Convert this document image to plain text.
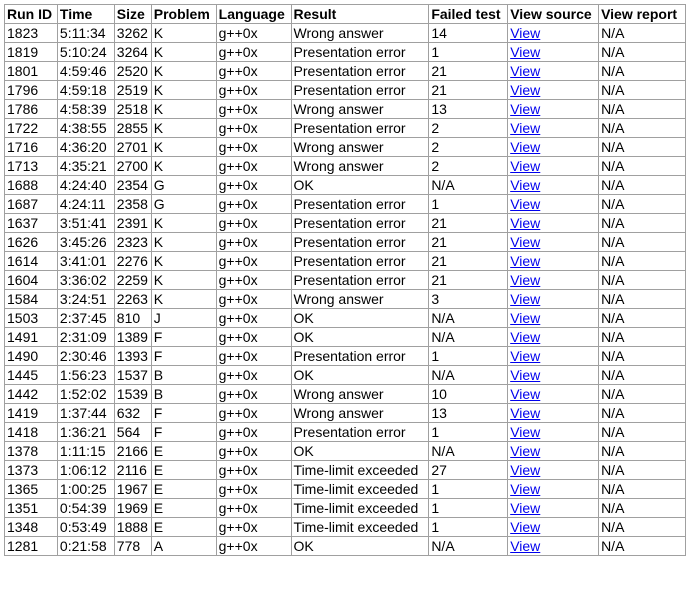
Run ID	Time	Size	Problem	Language	Result	Failed test	View source	View report
1823	5:11:34	3262	K	g++0x	Wrong answer	14	View	N/A
1819	5:10:24	3264	K	g++0x	Presentation error	1	View	N/A
1801	4:59:46	2520	K	g++0x	Presentation error	21	View	N/A
1796	4:59:18	2519	K	g++0x	Presentation error	21	View	N/A
1786	4:58:39	2518	K	g++0x	Wrong answer	13	View	N/A
1722	4:38:55	2855	K	g++0x	Presentation error	2	View	N/A
1716	4:36:20	2701	K	g++0x	Wrong answer	2	View	N/A
1713	4:35:21	2700	K	g++0x	Wrong answer	2	View	N/A
1688	4:24:40	2354	G	g++0x	OK	N/A	View	N/A
1687	4:24:11	2358	G	g++0x	Presentation error	1	View	N/A
1637	3:51:41	2391	K	g++0x	Presentation error	21	View	N/A
1626	3:45:26	2323	K	g++0x	Presentation error	21	View	N/A
1614	3:41:01	2276	K	g++0x	Presentation error	21	View	N/A
1604	3:36:02	2259	K	g++0x	Presentation error	21	View	N/A
1584	3:24:51	2263	K	g++0x	Wrong answer	3	View	N/A
1503	2:37:45	810	J	g++0x	OK	N/A	View	N/A
1491	2:31:09	1389	F	g++0x	OK	N/A	View	N/A
1490	2:30:46	1393	F	g++0x	Presentation error	1	View	N/A
1445	1:56:23	1537	B	g++0x	OK	N/A	View	N/A
1442	1:52:02	1539	B	g++0x	Wrong answer	10	View	N/A
1419	1:37:44	632	F	g++0x	Wrong answer	13	View	N/A
1418	1:36:21	564	F	g++0x	Presentation error	1	View	N/A
1378	1:11:15	2166	E	g++0x	OK	N/A	View	N/A
1373	1:06:12	2116	E	g++0x	Time-limit exceeded	27	View	N/A
1365	1:00:25	1967	E	g++0x	Time-limit exceeded	1	View	N/A
1351	0:54:39	1969	E	g++0x	Time-limit exceeded	1	View	N/A
1348	0:53:49	1888	E	g++0x	Time-limit exceeded	1	View	N/A
1281	0:21:58	778	A	g++0x	OK	N/A	View	N/A
